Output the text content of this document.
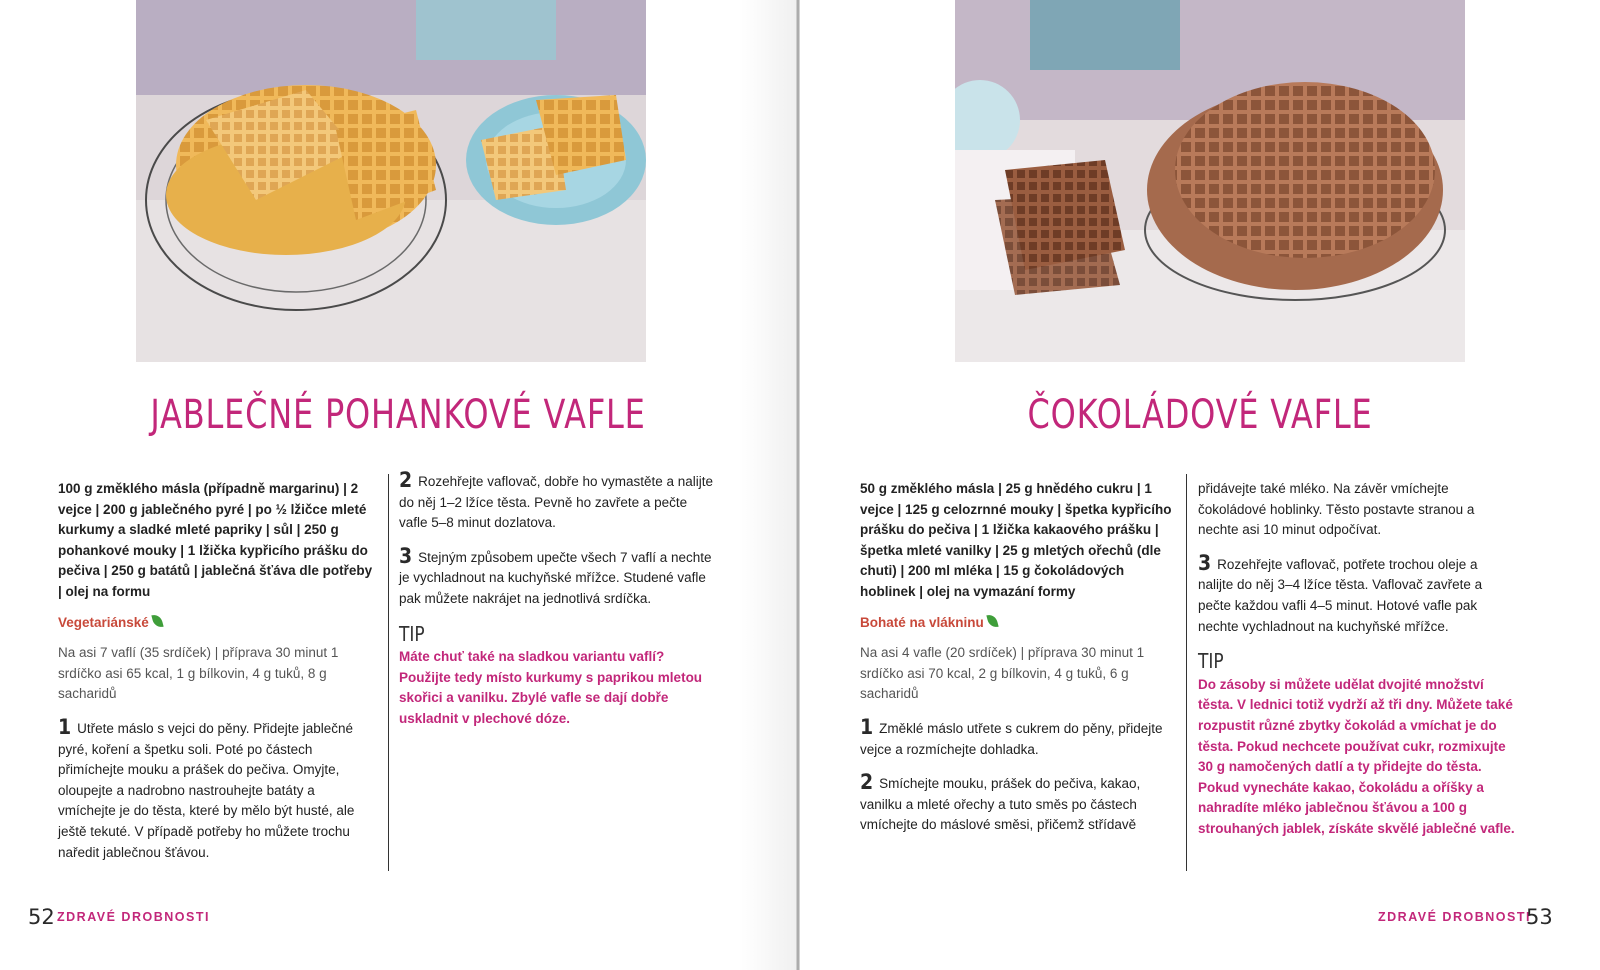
JABLEČNÉ POHANKOVÉ VAFLE

100 g změklého másla (případně margarinu) | 2 vejce | 200 g jablečného pyré | po ½ lžičce mleté kurkumy a sladké mleté papriky | sůl | 250 g pohankové mouky | 1 lžička kypřicího prášku do pečiva | 250 g batátů | jablečná šťáva dle potřeby | olej na formu

Vegetariánské

Na asi 7 vaflí (35 srdíček) | příprava 30 minut 1 srdíčko asi 65 kcal, 1 g bílkovin, 4 g tuků, 8 g sacharidů

1 Utřete máslo s vejci do pěny. Přidejte jablečné pyré, koření a špetku soli. Poté po částech přimíchejte mouku a prášek do pečiva. Omyjte, oloupejte a nadrobno nastrouhejte batáty a vmíchejte je do těsta, které by mělo být husté, ale ještě tekuté. V případě potřeby ho můžete trochu naředit jablečnou šťávou.

2 Rozehřejte vaflovač, dobře ho vymastěte a nalijte do něj 1–2 lžíce těsta. Pevně ho zavřete a pečte vafle 5–8 minut dozlatova.

3 Stejným způsobem upečte všech 7 vaflí a nechte je vychladnout na kuchyňské mřížce. Studené vafle pak můžete nakrájet na jednotlivá srdíčka.

TIP

Máte chuť také na sladkou variantu vaflí? Použijte tedy místo kurkumy s paprikou mletou skořici a vanilku. Zbylé vafle se dají dobře uskladnit v plechové dóze.

52 ZDRAVÉ DROBNOSTI
ČOKOLÁDOVÉ VAFLE

50 g změklého másla | 25 g hnědého cukru | 1 vejce | 125 g celozrnné mouky | špetka kypřicího prášku do pečiva | 1 lžička kakaového prášku | špetka mleté vanilky | 25 g mletých ořechů (dle chuti) | 200 ml mléka | 15 g čokoládových hoblinek | olej na vymazání formy

Bohaté na vlákninu

Na asi 4 vafle (20 srdíček) | příprava 30 minut 1 srdíčko asi 70 kcal, 2 g bílkovin, 4 g tuků, 6 g sacharidů

1 Změklé máslo utřete s cukrem do pěny, přidejte vejce a rozmíchejte dohladka.

2 Smíchejte mouku, prášek do pečiva, kakao, vanilku a mleté ořechy a tuto směs po částech vmíchejte do máslové směsi, přičemž střídavě

přidávejte také mléko. Na závěr vmíchejte čokoládové hoblinky. Těsto postavte stranou a nechte asi 10 minut odpočívat.

3 Rozehřejte vaflovač, potřete trochou oleje a nalijte do něj 3–4 lžíce těsta. Vaflovač zavřete a pečte každou vafli 4–5 minut. Hotové vafle pak nechte vychladnout na kuchyňské mřížce.

TIP

Do zásoby si můžete udělat dvojité množství těsta. V lednici totiž vydrží až tři dny. Můžete také rozpustit různé zbytky čokolád a vmíchat je do těsta. Pokud nechcete používat cukr, rozmixujte 30 g namočených datlí a ty přidejte do těsta. Pokud vynecháte kakao, čokoládu a oříšky a nahradíte mléko jablečnou šťávou a 100 g strouhaných jablek, získáte skvělé jablečné vafle.

ZDRAVÉ DROBNOSTI
53
